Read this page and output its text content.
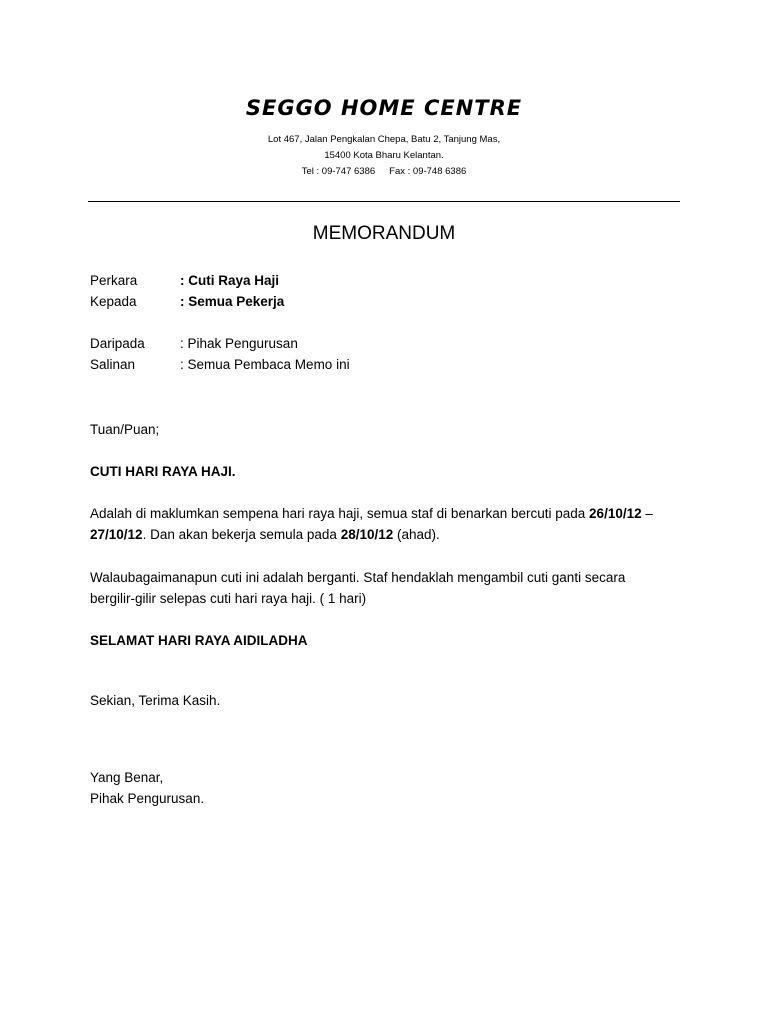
SEGGO HOME CENTRE
Lot 467, Jalan Pengkalan Chepa, Batu 2, Tanjung Mas,
15400 Kota Bharu Kelantan.
Tel : 09-747 6386 Fax : 09-748 6386
MEMORANDUM
Perkara	: Cuti Raya Haji
Kepada	: Semua Pekerja
Daripada	: Pihak Pengurusan
Salinan	: Semua Pembaca Memo ini
Tuan/Puan;
CUTI HARI RAYA HAJI.
Adalah di maklumkan sempena hari raya haji, semua staf di benarkan bercuti pada 26/10/12 –
27/10/12. Dan akan bekerja semula pada 28/10/12 (ahad).
Walaubagaimanapun cuti ini adalah berganti. Staf hendaklah mengambil cuti ganti secara
bergilir-gilir selepas cuti hari raya haji. ( 1 hari)
SELAMAT HARI RAYA AIDILADHA
Sekian, Terima Kasih.
Yang Benar,
Pihak Pengurusan.
